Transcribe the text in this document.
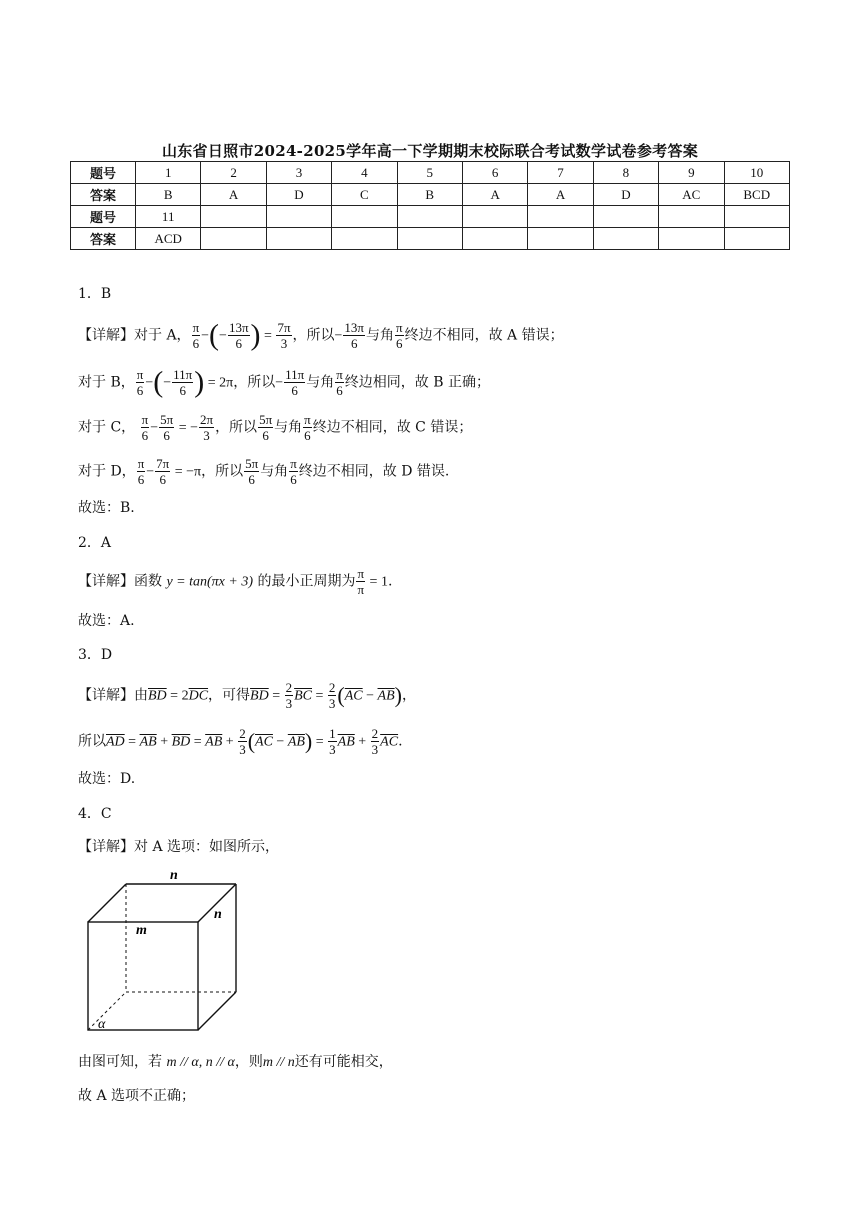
山东省日照市2024-2025学年高一下学期期末校际联合考试数学试卷参考答案
题号	1	2	3	4	5	6	7	8	9	10
答案	B	A	D	C	B	A	A	D	AC	BCD
题号	11									
答案	ACD									
1．B
【详解】对于 A， $\frac{\pi}{6}$ −(− $\frac{13\pi}{6}$ ) = $\frac{7\pi}{3}$ ，所以− $\frac{13\pi}{6}$ 与角 $\frac{\pi}{6}$ 终边不相同，故 A 错误；
对于 B， $\frac{\pi}{6}$ −(− $\frac{11\pi}{6}$ ) = 2π，所以− $\frac{11\pi}{6}$ 与角 $\frac{\pi}{6}$ 终边相同，故 B 正确；
对于 C， $\frac{\pi}{6} - \frac{5\pi}{6}$ = − $\frac{2\pi}{3}$ ，所以 $\frac{5\pi}{6}$ 与角 $\frac{\pi}{6}$ 终边不相同，故 C 错误；
对于 D， $\frac{\pi}{6} - \frac{7\pi}{6} = -\pi$，所以 $\frac{5\pi}{6}$ 与角 $\frac{\pi}{6}$ 终边不相同，故 D 错误.
故选：B.
2．A
【详解】函数 y = tan(πx + 3) 的最小正周期为 $\frac{\pi}{\pi} = 1$.
故选：A.
3．D
【详解】由$\overline{BD} = 2\overline{DC}$，可得$\overline{BD} = \frac{2}{3} \overline{BC} = \frac{2}{3} (\overline{AC} - \overline{AB})$，
所以$\overline{AD} = \overline{AB} + \overline{BD} = \overline{AB} + \frac{2}{3} (\overline{AC} - \overline{AB}) = \frac{1}{3} \overline{AB} + \frac{2}{3} \overline{AC}$.
故选：D.
4．C
【详解】对 A 选项：如图所示，
n
n
m
α
由图可知，若 m // α, n // α，则m // n还有可能相交，
故 A 选项不正确；
